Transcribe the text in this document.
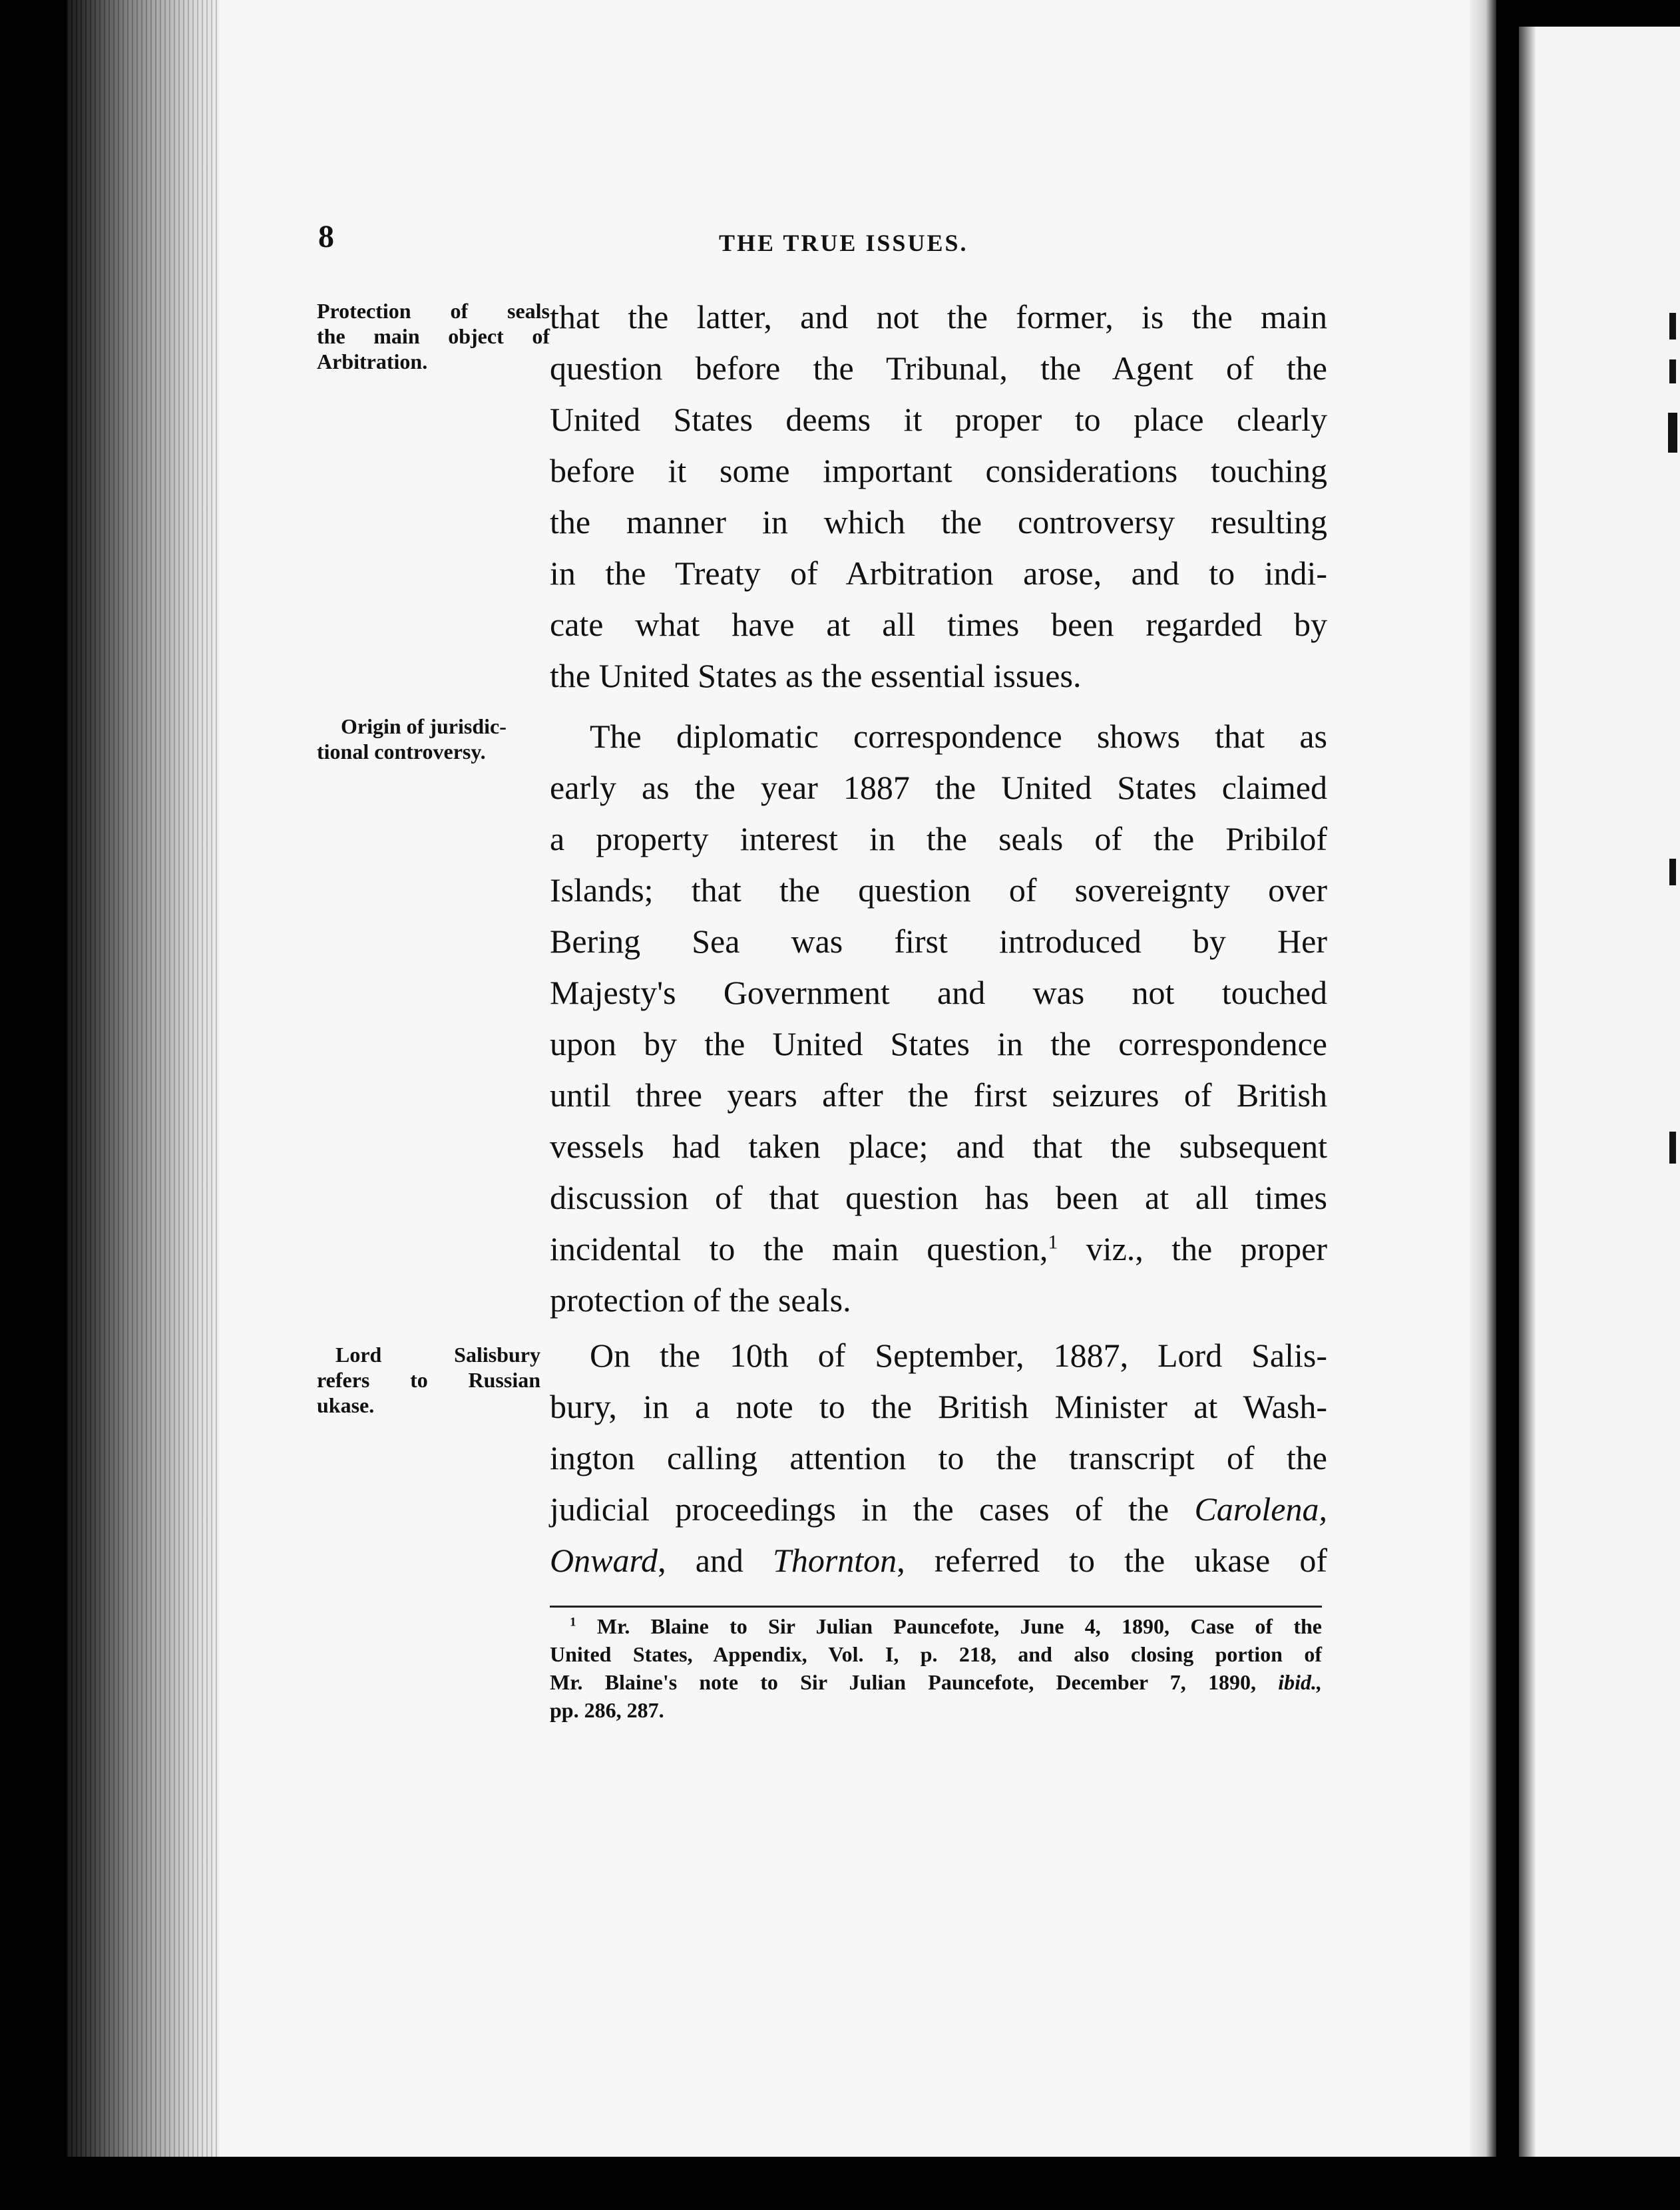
8	THE TRUE ISSUES.

Protection of seals
the main object of
Arbitration.

Origin of jurisdic-
tional controversy.

Lord Salisbury
refers to Russian
ukase.

that the latter, and not the former, is the main
question before the Tribunal, the Agent of the
United States deems it proper to place clearly
before it some important considerations touching
the manner in which the controversy resulting
in the Treaty of Arbitration arose, and to indi-
cate what have at all times been regarded by
the United States as the essential issues.
The diplomatic correspondence shows that as
early as the year 1887 the United States claimed
a property interest in the seals of the Pribilof
Islands; that the question of sovereignty over
Bering Sea was first introduced by Her
Majesty's Government and was not touched
upon by the United States in the correspondence
until three years after the first seizures of British
vessels had taken place; and that the subsequent
discussion of that question has been at all times
incidental to the main question,$^1$ viz., the proper
protection of the seals.
On the 10th of September, 1887, Lord Salis-
bury, in a note to the British Minister at Wash-
ington calling attention to the transcript of the
judicial proceedings in the cases of the Carolena,
Onward, and Thornton, referred to the ukase of
$^1$ Mr. Blaine to Sir Julian Pauncefote, June 4, 1890, Case of the
United States, Appendix, Vol. I, p. 218, and also closing portion of
Mr. Blaine's note to Sir Julian Pauncefote, December 7, 1890, ibid.,
pp. 286, 287.
